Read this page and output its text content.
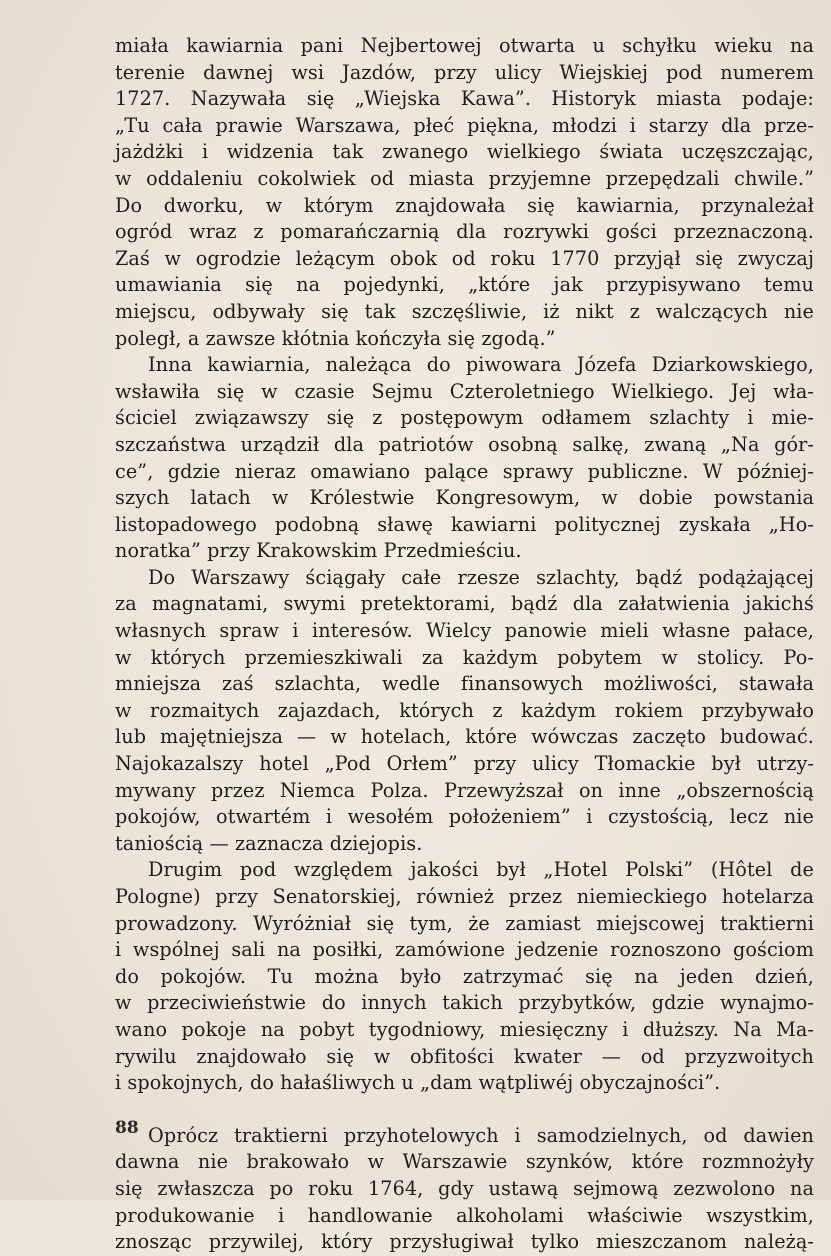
miała kawiarnia pani Nejbertowej otwarta u schyłku wieku na
terenie dawnej wsi Jazdów, przy ulicy Wiejskiej pod numerem
1727. Nazywała się „Wiejska Kawa”. Historyk miasta podaje:
„Tu cała prawie Warszawa, płeć piękna, młodzi i starzy dla prze-
jażdżki i widzenia tak zwanego wielkiego świata uczęszczając,
w oddaleniu cokolwiek od miasta przyjemne przepędzali chwile.”
Do dworku, w którym znajdowała się kawiarnia, przynależał
ogród wraz z pomarańczarnią dla rozrywki gości przeznaczoną.
Zaś w ogrodzie leżącym obok od roku 1770 przyjął się zwyczaj
umawiania się na pojedynki, „które jak przypisywano temu
miejscu, odbywały się tak szczęśliwie, iż nikt z walczących nie
poległ, a zawsze kłótnia kończyła się zgodą.”
Inna kawiarnia, należąca do piwowara Józefa Dziarkowskiego,
wsławiła się w czasie Sejmu Czteroletniego Wielkiego. Jej wła-
ściciel związawszy się z postępowym odłamem szlachty i mie-
szczaństwa urządził dla patriotów osobną salkę, zwaną „Na gór-
ce”, gdzie nieraz omawiano palące sprawy publiczne. W później-
szych latach w Królestwie Kongresowym, w dobie powstania
listopadowego podobną sławę kawiarni politycznej zyskała „Ho-
noratka” przy Krakowskim Przedmieściu.
Do Warszawy ściągały całe rzesze szlachty, bądź podążającej
za magnatami, swymi pretektorami, bądź dla załatwienia jakichś
własnych spraw i interesów. Wielcy panowie mieli własne pałace,
w których przemieszkiwali za każdym pobytem w stolicy. Po-
mniejsza zaś szlachta, wedle finansowych możliwości, stawała
w rozmaitych zajazdach, których z każdym rokiem przybywało
lub majętniejsza — w hotelach, które wówczas zaczęto budować.
Najokazalszy hotel „Pod Orłem” przy ulicy Tłomackie był utrzy-
mywany przez Niemca Polza. Przewyższał on inne „obszernością
pokojów, otwartém i wesołém położeniem” i czystością, lecz nie
taniością — zaznacza dziejopis.
Drugim pod względem jakości był „Hotel Polski” (Hôtel de
Pologne) przy Senatorskiej, również przez niemieckiego hotelarza
prowadzony. Wyróżniał się tym, że zamiast miejscowej traktierni
i wspólnej sali na posiłki, zamówione jedzenie roznoszono gościom
do pokojów. Tu można było zatrzymać się na jeden dzień,
w przeciwieństwie do innych takich przybytków, gdzie wynajmo-
wano pokoje na pobyt tygodniowy, miesięczny i dłuższy. Na Ma-
rywilu znajdowało się w obfitości kwater — od przyzwoitych
i spokojnych, do hałaśliwych u „dam wątpliwéj obyczajności”.
Oprócz traktierni przyhotelowych i samodzielnych, od dawien
dawna nie brakowało w Warszawie szynków, które rozmnożyły
się zwłaszcza po roku 1764, gdy ustawą sejmową zezwolono na
produkowanie i handlowanie alkoholami właściwie wszystkim,
znosząc przywilej, który przysługiwał tylko mieszczanom należą-
88
